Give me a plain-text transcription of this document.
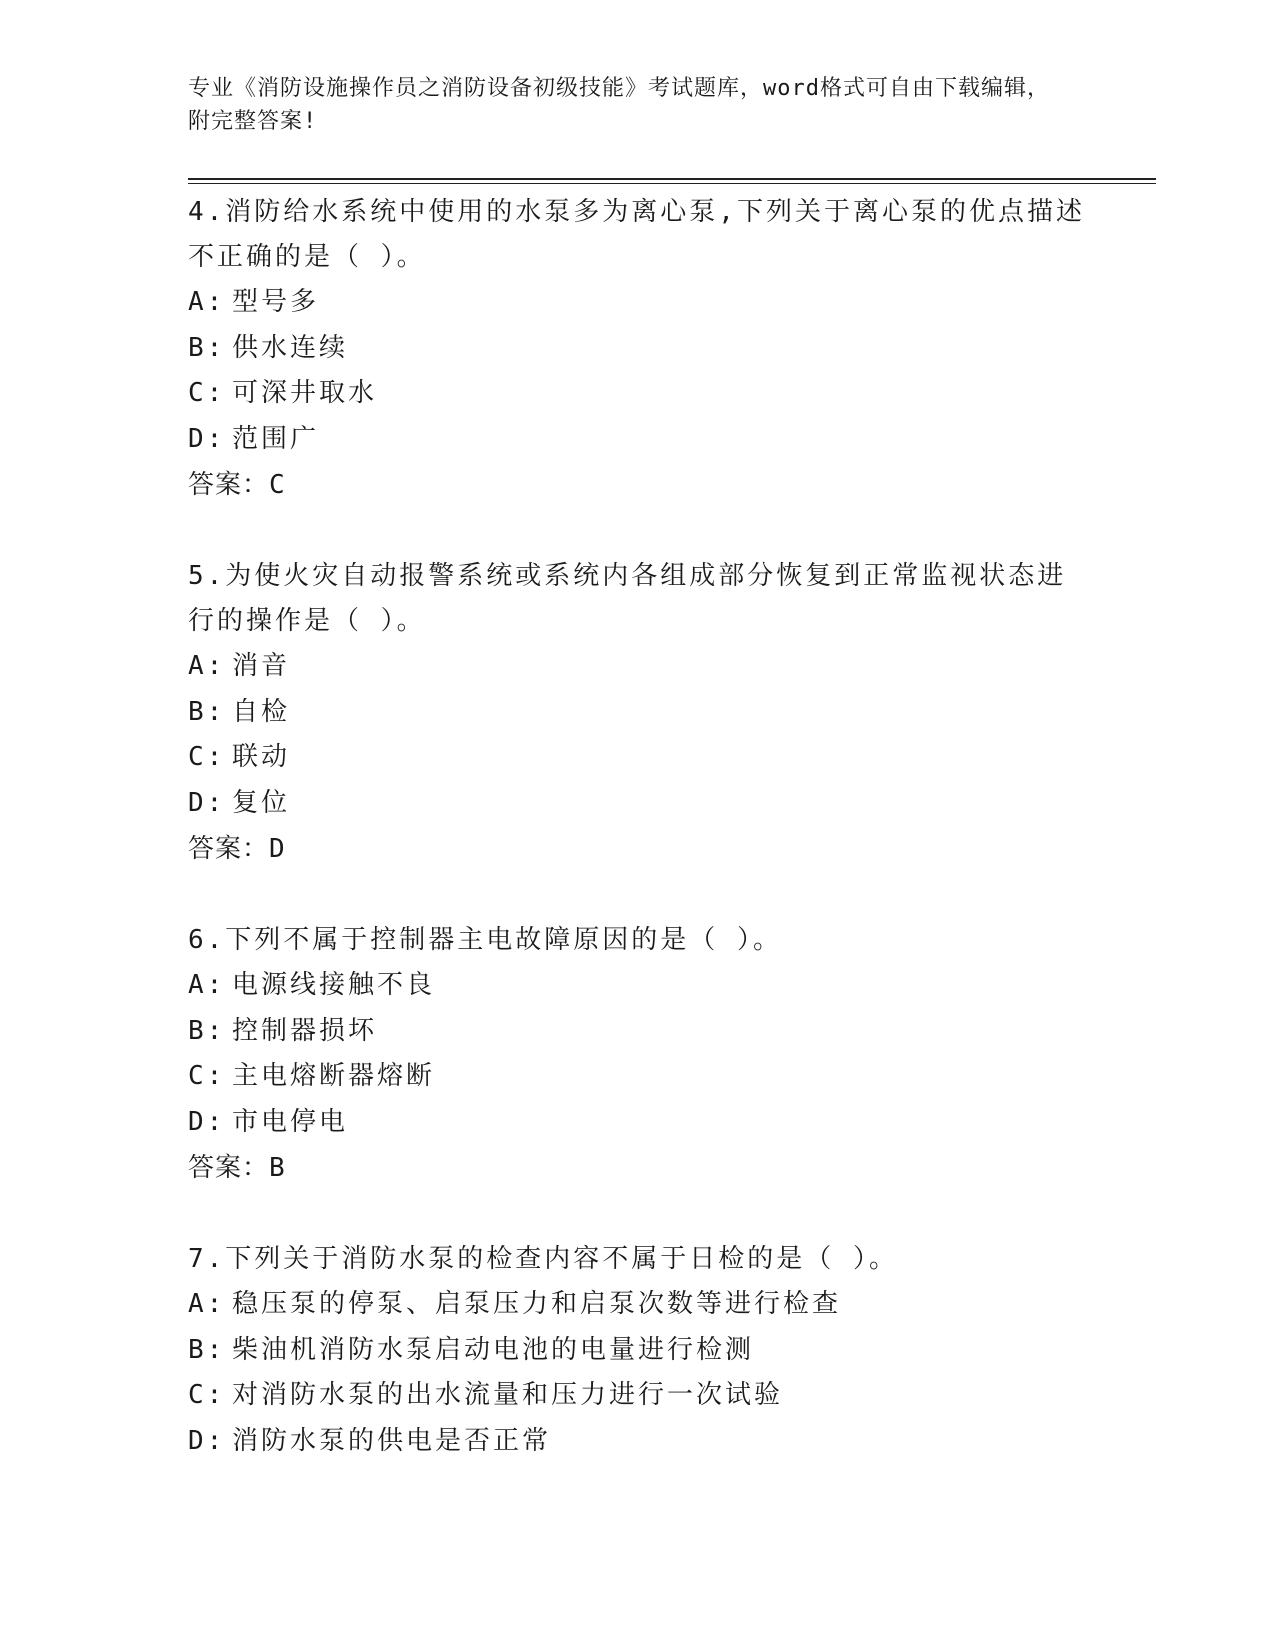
专业《消防设施操作员之消防设备初级技能》考试题库，word格式可自由下载编辑，附完整答案!

4.消防给水系统中使用的水泵多为离心泵,下列关于离心泵的优点描述不正确的是（ ）。

A: 型号多
B: 供水连续
C: 可深井取水
D: 范围广
答案：C

5.为使火灾自动报警系统或系统内各组成部分恢复到正常监视状态进行的操作是（ ）。

A: 消音
B: 自检
C: 联动
D: 复位
答案：D

6.下列不属于控制器主电故障原因的是（ ）。

A: 电源线接触不良
B: 控制器损坏
C: 主电熔断器熔断
D: 市电停电
答案：B

7.下列关于消防水泵的检查内容不属于日检的是（ ）。

A: 稳压泵的停泵、启泵压力和启泵次数等进行检查
B: 柴油机消防水泵启动电池的电量进行检测
C: 对消防水泵的出水流量和压力进行一次试验
D: 消防水泵的供电是否正常
